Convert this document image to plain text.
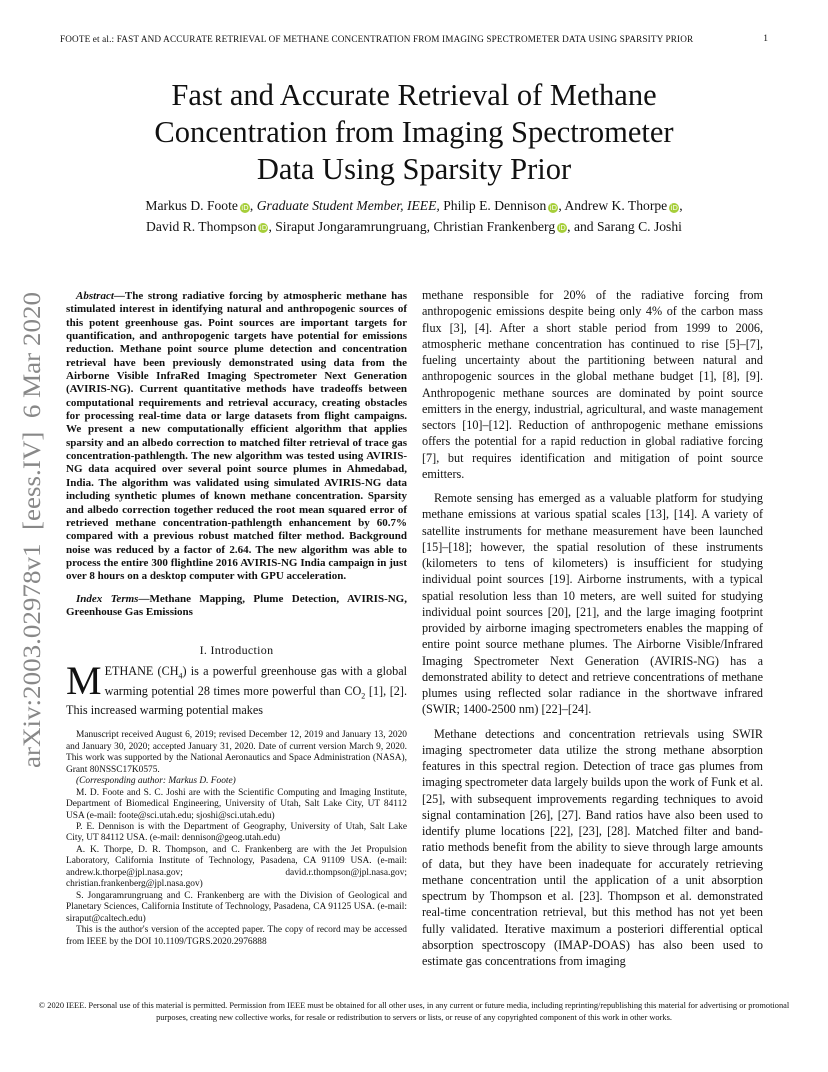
FOOTE et al.: FAST AND ACCURATE RETRIEVAL OF METHANE CONCENTRATION FROM IMAGING SPECTROMETER DATA USING SPARSITY PRIOR	1
Fast and Accurate Retrieval of Methane
Concentration from Imaging Spectrometer
Data Using Sparsity Prior
Markus D. Foote iD, Graduate Student Member, IEEE, Philip E. Dennison iD, Andrew K. Thorpe iD,
David R. Thompson iD, Siraput Jongaramrungruang, Christian Frankenberg iD, and Sarang C. Joshi
arXiv:2003.02978v1  [eess.IV]  6 Mar 2020

Abstract—The strong radiative forcing by atmospheric methane has stimulated interest in identifying natural and anthropogenic sources of this potent greenhouse gas. Point sources are important targets for quantification, and anthropogenic targets have potential for emissions reduction. Methane point source plume detection and concentration retrieval have been previously demonstrated using data from the Airborne Visible InfraRed Imaging Spectrometer Next Generation (AVIRIS-NG). Current quantitative methods have tradeoffs between computational requirements and retrieval accuracy, creating obstacles for processing real-time data or large datasets from flight campaigns. We present a new computationally efficient algorithm that applies sparsity and an albedo correction to matched filter retrieval of trace gas concentration-pathlength. The new algorithm was tested using AVIRIS-NG data acquired over several point source plumes in Ahmedabad, India. The algorithm was validated using simulated AVIRIS-NG data including synthetic plumes of known methane concentration. Sparsity and albedo correction together reduced the root mean squared error of retrieved methane concentration-pathlength enhancement by 60.7% compared with a previous robust matched filter method. Background noise was reduced by a factor of 2.64. The new algorithm was able to process the entire 300 flightline 2016 AVIRIS-NG India campaign in just over 8 hours on a desktop computer with GPU acceleration.

Index Terms—Methane Mapping, Plume Detection, AVIRIS-NG, Greenhouse Gas Emissions

I. Introduction

METHANE $(CH_4)$ is a powerful greenhouse gas with a global warming potential 28 times more powerful than $CO_2$ [1], [2]. This increased warming potential makes

Manuscript received August 6, 2019; revised December 12, 2019 and January 13, 2020 and January 30, 2020; accepted January 31, 2020. Date of current version March 9, 2020. This work was supported by the National Aeronautics and Space Administration (NASA), Grant 80NSSC17K0575.

(Corresponding author: Markus D. Foote)

M. D. Foote and S. C. Joshi are with the Scientific Computing and Imaging Institute, Department of Biomedical Engineering, University of Utah, Salt Lake City, UT 84112 USA (e-mail: foote@sci.utah.edu; sjoshi@sci.utah.edu)

P. E. Dennison is with the Department of Geography, University of Utah, Salt Lake City, UT 84112 USA. (e-mail: dennison@geog.utah.edu)

A. K. Thorpe, D. R. Thompson, and C. Frankenberg are with the Jet Propulsion Laboratory, California Institute of Technology, Pasadena, CA 91109 USA. (e-mail: andrew.k.thorpe@jpl.nasa.gov; david.r.thompson@jpl.nasa.gov; christian.frankenberg@jpl.nasa.gov)

S. Jongaramrungruang and C. Frankenberg are with the Division of Geological and Planetary Sciences, California Institute of Technology, Pasadena, CA 91125 USA. (e-mail: siraput@caltech.edu)

This is the author's version of the accepted paper. The copy of record may be accessed from IEEE by the DOI 10.1109/TGRS.2020.2976888

methane responsible for 20% of the radiative forcing from anthropogenic emissions despite being only 4% of the carbon mass flux [3], [4]. After a short stable period from 1999 to 2006, atmospheric methane concentration has continued to rise [5]–[7], fueling uncertainty about the partitioning between natural and anthropogenic sources in the global methane budget [1], [8], [9]. Anthropogenic methane sources are dominated by point source emitters in the energy, industrial, agricultural, and waste management sectors [10]–[12]. Reduction of anthropogenic methane emissions offers the potential for a rapid reduction in global radiative forcing [7], but requires identification and mitigation of point source emitters.

Remote sensing has emerged as a valuable platform for studying methane emissions at various spatial scales [13], [14]. A variety of satellite instruments for methane measurement have been launched [15]–[18]; however, the spatial resolution of these instruments (kilometers to tens of kilometers) is insufficient for studying individual point sources [19]. Airborne instruments, with a typical spatial resolution less than 10 meters, are well suited for studying individual point sources [20], [21], and the large imaging footprint provided by airborne imaging spectrometers enables the mapping of entire point source methane plumes. The Airborne Visible/Infrared Imaging Spectrometer Next Generation (AVIRIS-NG) has a demonstrated ability to detect and retrieve concentrations of methane plumes using reflected solar radiance in the shortwave infrared (SWIR; 1400-2500 nm) [22]–[24].

Methane detections and concentration retrievals using SWIR imaging spectrometer data utilize the strong methane absorption features in this spectral region. Detection of trace gas plumes from imaging spectrometer data largely builds upon the work of Funk et al. [25], with subsequent improvements regarding techniques to avoid signal contamination [26], [27]. Band ratios have also been used to identify plume locations [22], [23], [28]. Matched filter and band-ratio methods benefit from the ability to sieve through large amounts of data, but they have been inadequate for accurately retrieving methane concentration until the application of a unit absorption spectrum by Thompson et al. [23]. Thompson et al. demonstrated real-time concentration retrieval, but this method has not yet been fully validated. Iterative maximum a posteriori differential optical absorption spectroscopy (IMAP-DOAS) has also been used to estimate gas concentrations from imaging

© 2020 IEEE. Personal use of this material is permitted. Permission from IEEE must be obtained for all other uses, in any current or future media, including reprinting/republishing this material for advertising or promotional purposes, creating new collective works, for resale or redistribution to servers or lists, or reuse of any copyrighted component of this work in other works.
